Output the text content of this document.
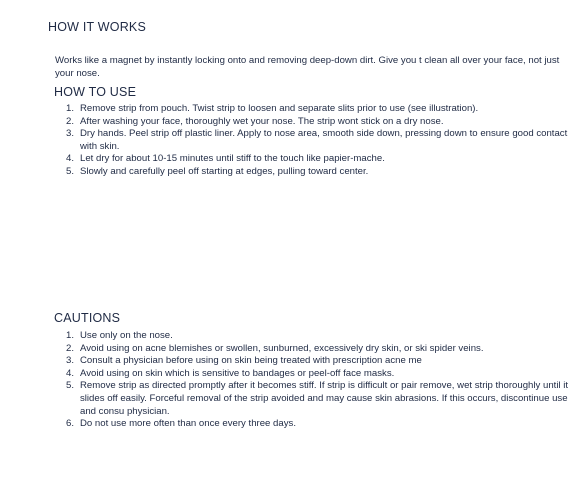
HOW IT WORKS

Works like a magnet by instantly locking onto and removing deep-down dirt. Give you t clean all over your face, not just your nose.

HOW TO USE
1. Remove strip from pouch. Twist strip to loosen and separate slits prior to use (see illustration).
2. After washing your face, thoroughly wet your nose. The strip wont stick on a dry nose.
3. Dry hands. Peel strip off plastic liner. Apply to nose area, smooth side down, pressing down to ensure good contact with skin.
4. Let dry for about 10-15 minutes until stiff to the touch like papier-mache.
5. Slowly and carefully peel off starting at edges, pulling toward center.
CAUTIONS
1. Use only on the nose.
2. Avoid using on acne blemishes or swollen, sunburned, excessively dry skin, or ski spider veins.
3. Consult a physician before using on skin being treated with prescription acne me
4. Avoid using on skin which is sensitive to bandages or peel-off face masks.
5. Remove strip as directed promptly after it becomes stiff. If strip is difficult or pair remove, wet strip thoroughly until it slides off easily. Forceful removal of the strip avoided and may cause skin abrasions. If this occurs, discontinue use and consu physician.
6. Do not use more often than once every three days.
